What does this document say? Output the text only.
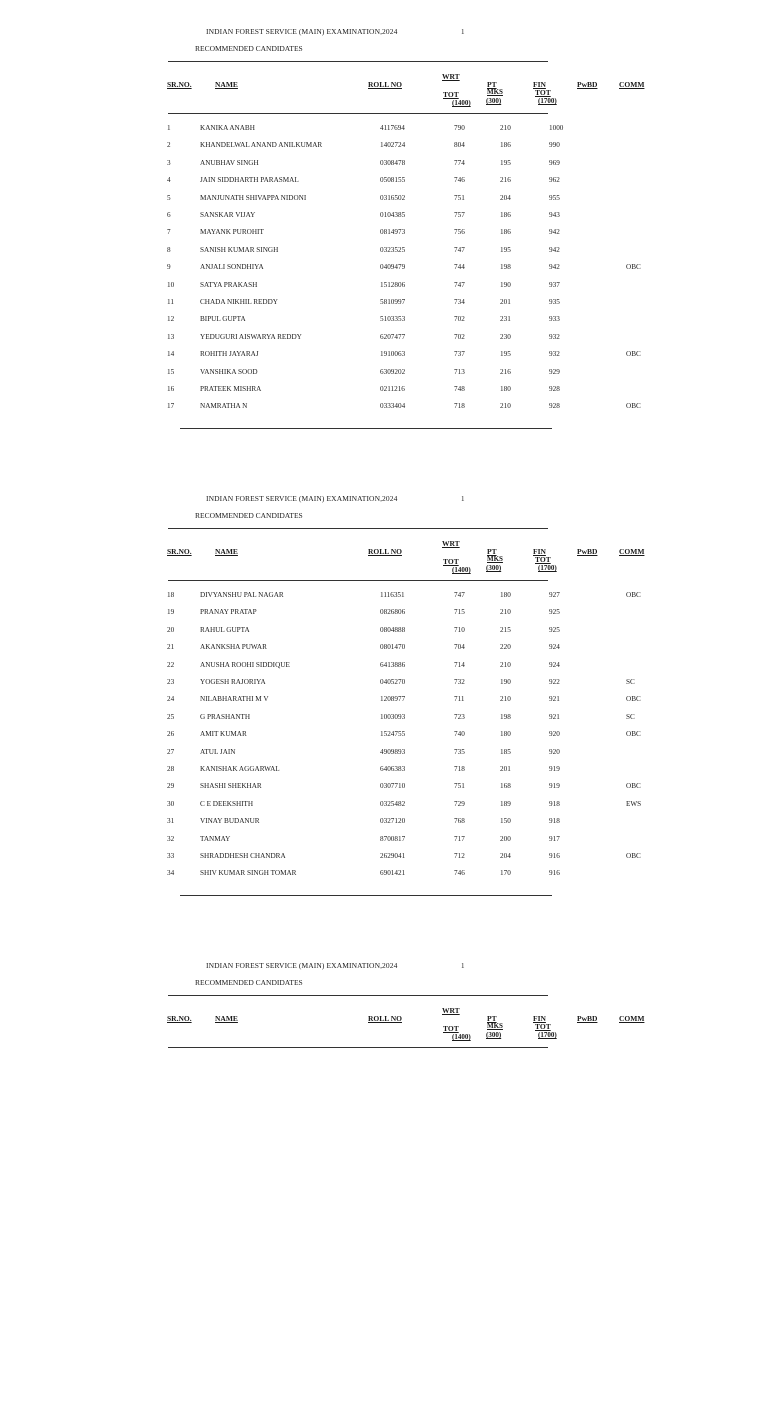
INDIAN FOREST SERVICE (MAIN) EXAMINATION,2024	1
RECOMMENDED CANDIDATES
SR.NO.	NAME	ROLL NO
WRT
TOT
(1400)
PT
MKS
(300)
FIN
TOT
(1700)
PwBD	COMM
1	KANIKA ANABH	4117694	790	210	1000
2	KHANDELWAL ANAND ANILKUMAR	1402724	804	186	990
3	ANUBHAV SINGH	0308478	774	195	969
4	JAIN SIDDHARTH PARASMAL	0508155	746	216	962
5	MANJUNATH SHIVAPPA NIDONI	0316502	751	204	955
6	SANSKAR VIJAY	0104385	757	186	943
7	MAYANK PUROHIT	0814973	756	186	942
8	SANISH KUMAR SINGH	0323525	747	195	942
9	ANJALI SONDHIYA	0409479	744	198	942	OBC
10	SATYA PRAKASH	1512806	747	190	937
11	CHADA NIKHIL REDDY	5810997	734	201	935
12	BIPUL GUPTA	5103353	702	231	933
13	YEDUGURI AISWARYA REDDY	6207477	702	230	932
14	ROHITH JAYARAJ	1910063	737	195	932	OBC
15	VANSHIKA SOOD	6309202	713	216	929
16	PRATEEK MISHRA	0211216	748	180	928
17	NAMRATHA N	0333404	718	210	928	OBC
INDIAN FOREST SERVICE (MAIN) EXAMINATION,2024	1
RECOMMENDED CANDIDATES
SR.NO.	NAME	ROLL NO
WRT
TOT
(1400)
PT
MKS
(300)
FIN
TOT
(1700)
PwBD	COMM
18	DIVYANSHU PAL NAGAR	1116351	747	180	927	OBC
19	PRANAY PRATAP	0826806	715	210	925
20	RAHUL GUPTA	0804888	710	215	925
21	AKANKSHA PUWAR	0801470	704	220	924
22	ANUSHA ROOHI SIDDIQUE	6413886	714	210	924
23	YOGESH RAJORIYA	0405270	732	190	922	SC
24	NILABHARATHI M V	1208977	711	210	921	OBC
25	G PRASHANTH	1003093	723	198	921	SC
26	AMIT KUMAR	1524755	740	180	920	OBC
27	ATUL JAIN	4909893	735	185	920
28	KANISHAK AGGARWAL	6406383	718	201	919
29	SHASHI SHEKHAR	0307710	751	168	919	OBC
30	C E DEEKSHITH	0325482	729	189	918	EWS
31	VINAY BUDANUR	0327120	768	150	918
32	TANMAY	8700817	717	200	917
33	SHRADDHESH CHANDRA	2629041	712	204	916	OBC
34	SHIV KUMAR SINGH TOMAR	6901421	746	170	916
INDIAN FOREST SERVICE (MAIN) EXAMINATION,2024	1
RECOMMENDED CANDIDATES
SR.NO.	NAME	ROLL NO
WRT
TOT
(1400)
PT
MKS
(300)
FIN
TOT
(1700)
PwBD	COMM
